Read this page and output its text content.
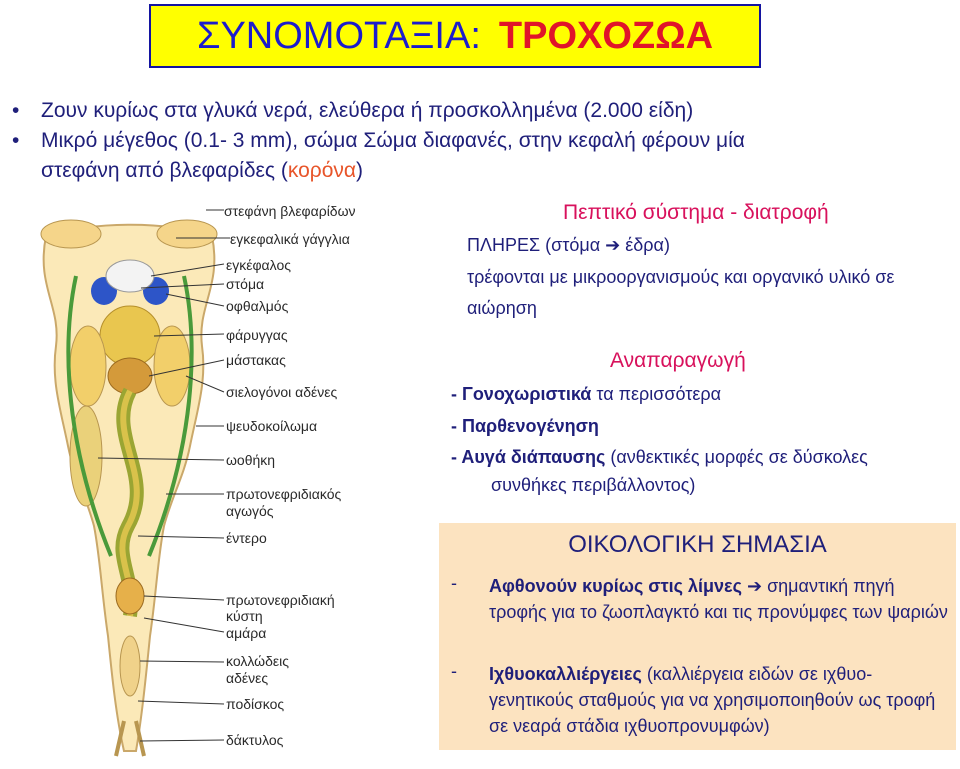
ΣΥΝΟΜΟΤΑΞΙΑ: ΤΡΟΧΟΖΩΑ
• Ζουν κυρίως στα γλυκά νερά, ελεύθερα ή προσκολλημένα (2.000 είδη)
• Μικρό μέγεθος (0.1- 3 mm), σώμα Σώμα διαφανές, στην κεφαλή φέρουν μία
στεφάνη από βλεφαρίδες (κορόνα)
στεφάνη βλεφαρίδων
εγκεφαλικά γάγγλια
εγκέφαλος
στόμα
οφθαλμός
φάρυγγας
μάστακας
σιελογόνοι αδένες
ψευδοκοίλωμα
ωοθήκη
πρωτονεφριδιακός
αγωγός
έντερο
πρωτονεφριδιακή
κύστη
αμάρα
κολλώδεις
αδένες
ποδίσκος
δάκτυλος
Πεπτικό σύστημα - διατροφή
ΠΛΗΡΕΣ (στόμα ➔ έδρα)
τρέφονται με μικροοργανισμούς και οργανικό υλικό σε
αιώρηση
Αναπαραγωγή
- Γονοχωριστικά τα περισσότερα
- Παρθενογένηση
- Αυγά διάπαυσης (ανθεκτικές μορφές σε δύσκολες
συνθήκες περιβάλλοντος)
ΟΙΚΟΛΟΓΙΚΗ ΣΗΜΑΣΙΑ
- Αφθονούν κυρίως στις λίμνες ➔ σημαντική πηγή τροφής για το ζωοπλαγκτό και τις προνύμφες των ψαριών
- Ιχθυοκαλλιέργειες (καλλιέργεια ειδών σε ιχθυο-γενητικούς σταθμούς για να χρησιμοποιηθούν ως τροφή σε νεαρά στάδια ιχθυοπρονυμφών)
